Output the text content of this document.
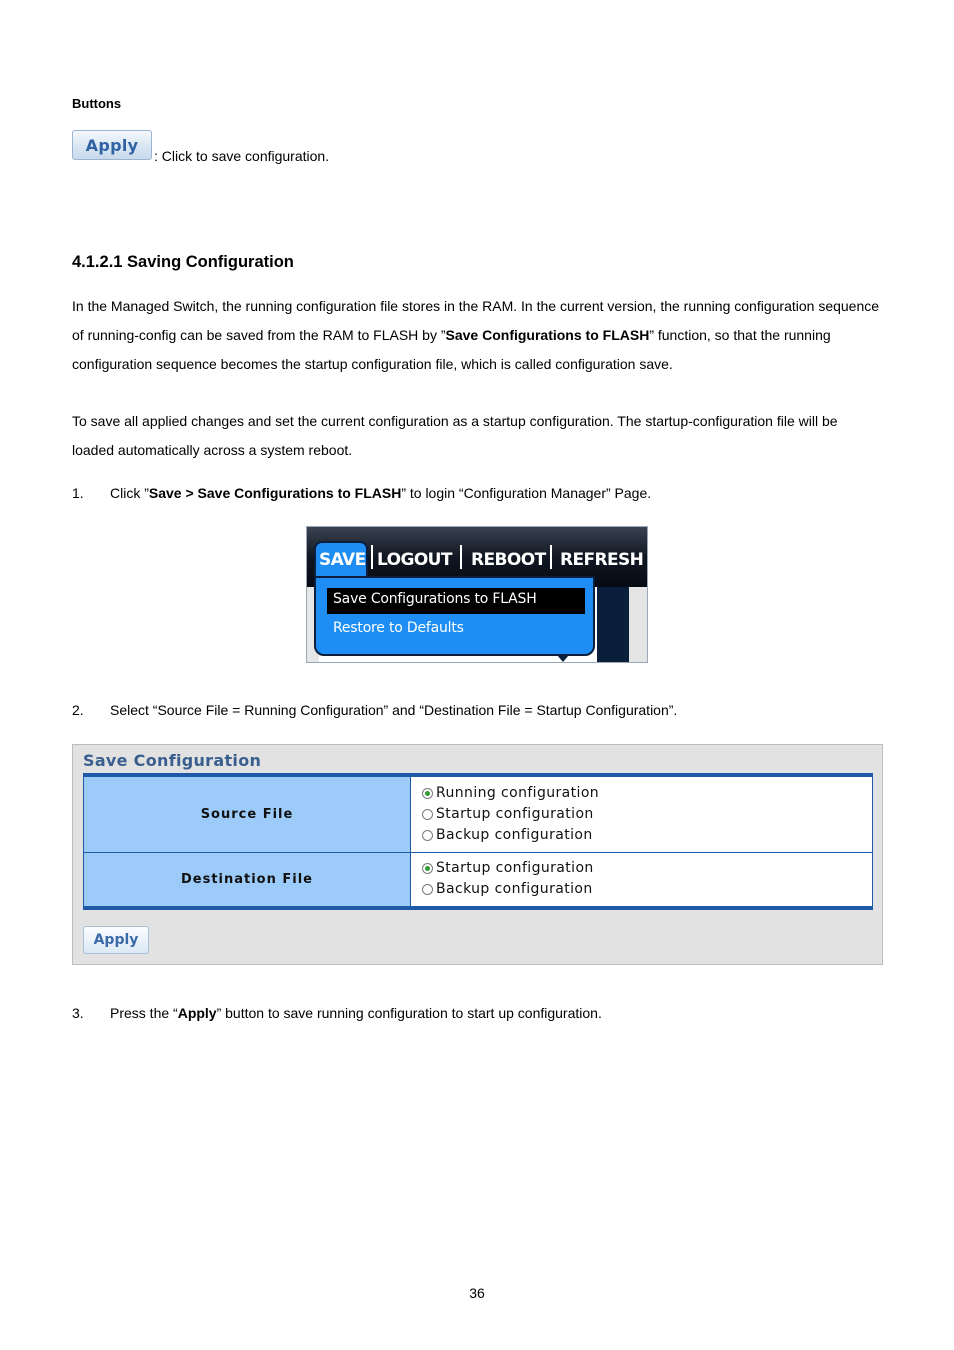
Buttons
Apply
: Click to save configuration.
4.1.2.1 Saving Configuration
In the Managed Switch, the running configuration file stores in the RAM. In the current version, the running configuration sequence of running-config can be saved from the RAM to FLASH by ”Save Configurations to FLASH” function, so that the running configuration sequence becomes the startup configuration file, which is called configuration save.
To save all applied changes and set the current configuration as a startup configuration. The startup-configuration file will be loaded automatically across a system reboot.
1. Click ”Save > Save Configurations to FLASH” to login “Configuration Manager” Page.
LOGOUT REBOOT REFRESH
SAVE
Save Configurations to FLASH
Restore to Defaults
2. Select “Source File = Running Configuration” and “Destination File = Startup Configuration”.
Save Configuration
Source File
Running configuration
Startup configuration
Backup configuration
Destination File
Startup configuration
Backup configuration
Apply
3. Press the “Apply” button to save running configuration to start up configuration.
36
